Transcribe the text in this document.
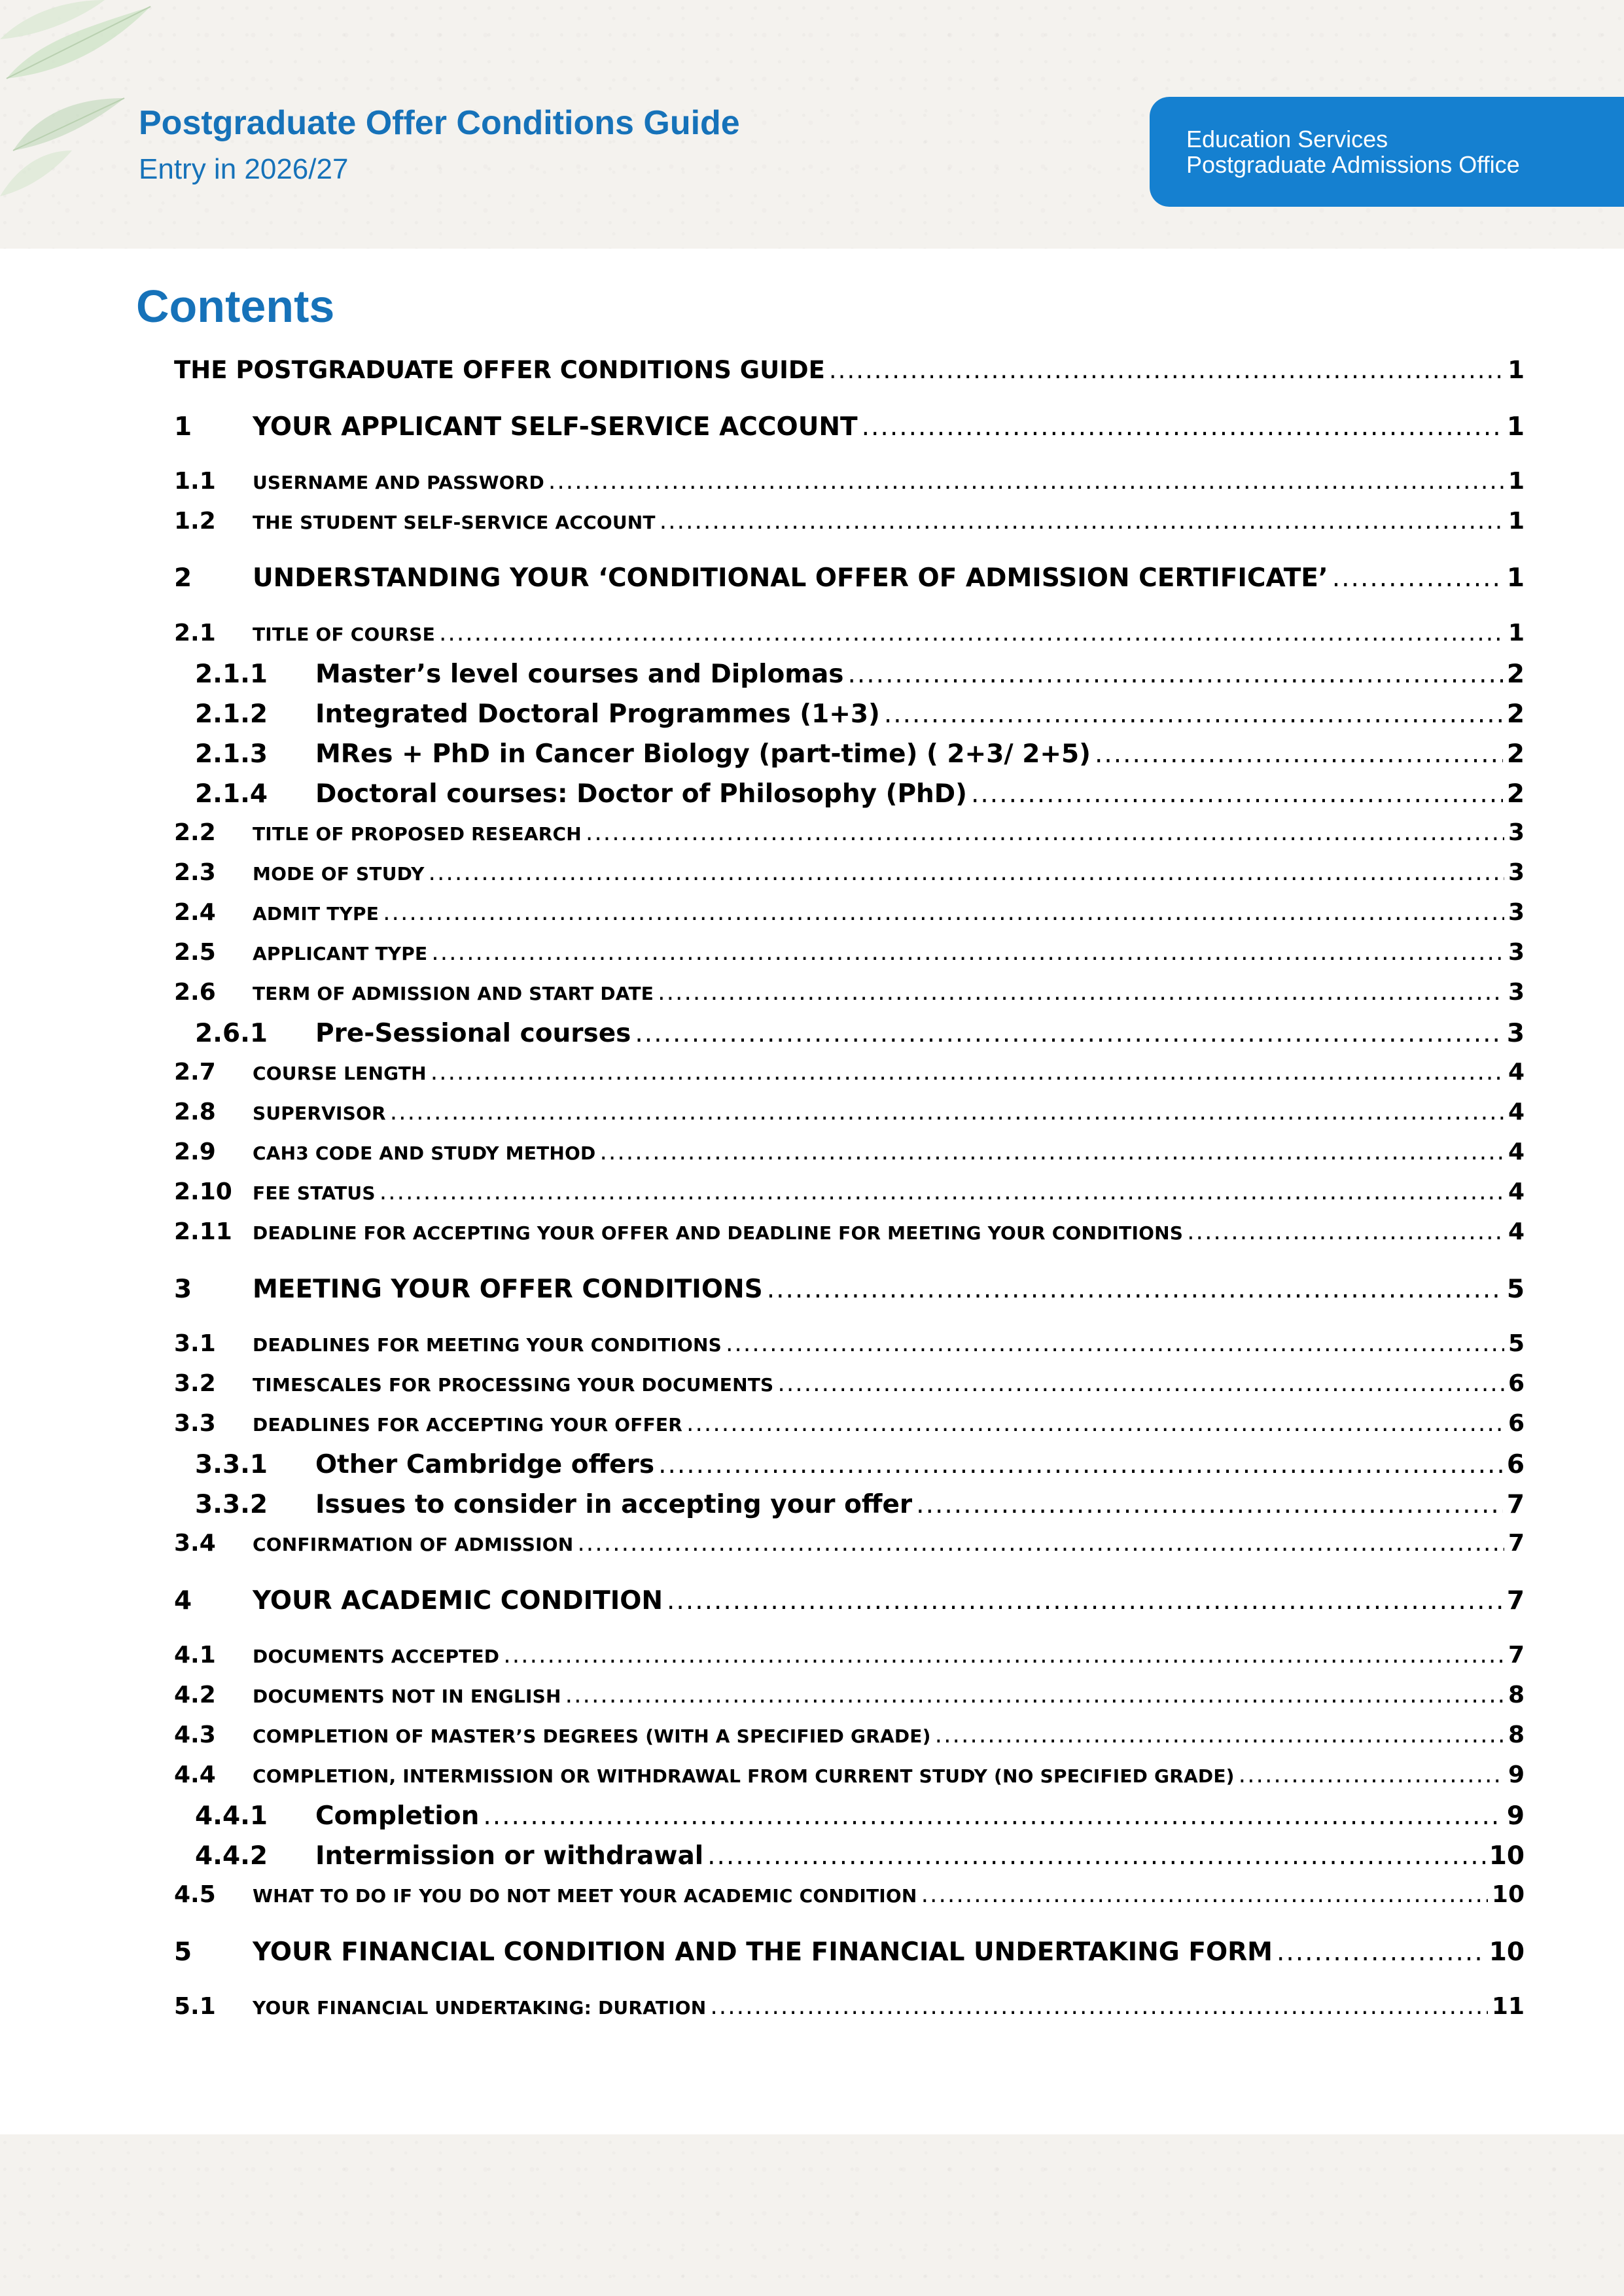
Postgraduate Offer Conditions Guide
Entry in 2026/27
Education Services
Postgraduate Admissions Office
Contents
THE POSTGRADUATE OFFER CONDITIONS GUIDE .....	1
1	YOUR APPLICANT SELF-SERVICE ACCOUNT .....	1
1.1	USERNAME AND PASSWORD .....	1
1.2	THE STUDENT SELF-SERVICE ACCOUNT .....	1
2	UNDERSTANDING YOUR ‘CONDITIONAL OFFER OF ADMISSION CERTIFICATE’ .....	1
2.1	TITLE OF COURSE .....	1
2.1.1	Master’s level courses and Diplomas .....	2
2.1.2	Integrated Doctoral Programmes (1+3) .....	2
2.1.3	MRes + PhD in Cancer Biology (part-time) ( 2+3/ 2+5) .....	2
2.1.4	Doctoral courses: Doctor of Philosophy (PhD) .....	2
2.2	TITLE OF PROPOSED RESEARCH .....	3
2.3	MODE OF STUDY .....	3
2.4	ADMIT TYPE .....	3
2.5	APPLICANT TYPE .....	3
2.6	TERM OF ADMISSION AND START DATE .....	3
2.6.1	Pre-Sessional courses .....	3
2.7	COURSE LENGTH .....	4
2.8	SUPERVISOR .....	4
2.9	CAH3 CODE AND STUDY METHOD .....	4
2.10	FEE STATUS .....	4
2.11	DEADLINE FOR ACCEPTING YOUR OFFER AND DEADLINE FOR MEETING YOUR CONDITIONS .....	4
3	MEETING YOUR OFFER CONDITIONS .....	5
3.1	DEADLINES FOR MEETING YOUR CONDITIONS .....	5
3.2	TIMESCALES FOR PROCESSING YOUR DOCUMENTS .....	6
3.3	DEADLINES FOR ACCEPTING YOUR OFFER .....	6
3.3.1	Other Cambridge offers .....	6
3.3.2	Issues to consider in accepting your offer .....	7
3.4	CONFIRMATION OF ADMISSION .....	7
4	YOUR ACADEMIC CONDITION .....	7
4.1	DOCUMENTS ACCEPTED .....	7
4.2	DOCUMENTS NOT IN ENGLISH .....	8
4.3	COMPLETION OF MASTER’S DEGREES (WITH A SPECIFIED GRADE) .....	8
4.4	COMPLETION, INTERMISSION OR WITHDRAWAL FROM CURRENT STUDY (NO SPECIFIED GRADE) .....	9
4.4.1	Completion .....	9
4.4.2	Intermission or withdrawal .....	10
4.5	WHAT TO DO IF YOU DO NOT MEET YOUR ACADEMIC CONDITION .....	10
5	YOUR FINANCIAL CONDITION AND THE FINANCIAL UNDERTAKING FORM .....	10
5.1	YOUR FINANCIAL UNDERTAKING: DURATION .....	11
